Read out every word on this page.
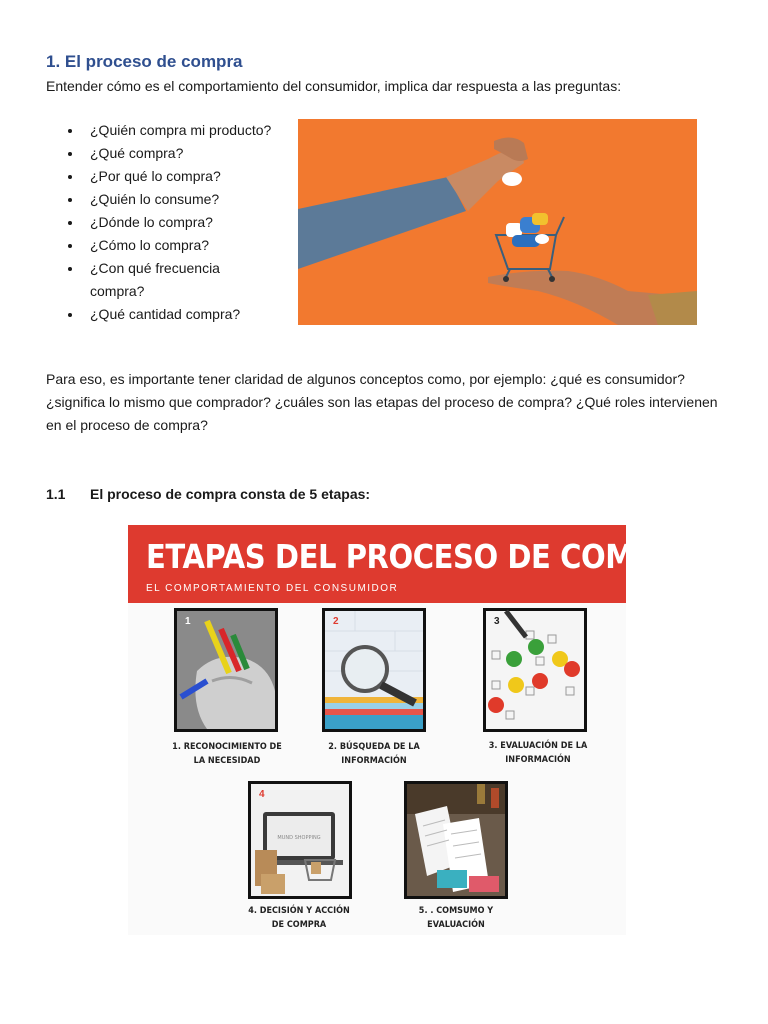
1. El proceso de compra

Entender cómo es el comportamiento del consumidor, implica dar respuesta a las preguntas:

¿Quién compra mi producto?
¿Qué compra?
¿Por qué lo compra?
¿Quién lo consume?
¿Dónde lo compra?
¿Cómo lo compra?
¿Con qué frecuencia compra?
¿Qué cantidad compra?

Para eso, es importante tener claridad de algunos conceptos como, por ejemplo: ¿qué es consumidor? ¿significa lo mismo que comprador? ¿cuáles son las etapas del proceso de compra? ¿Qué roles intervienen en el proceso de compra?

1.1 El proceso de compra consta de 5 etapas:
ETAPAS DEL PROCESO DE COMPRA
EL COMPORTAMIENTO DEL CONSUMIDOR
1
1. RECONOCIMIENTO DE LA NECESIDAD
2
2. BÚSQUEDA DE LA INFORMACIÓN
3
3. EVALUACIÓN DE LA INFORMACIÓN
MUND SHOPPING
4
4. DECISIÓN Y ACCIÓN DE COMPRA
5. . COMSUMO Y EVALUACIÓN
